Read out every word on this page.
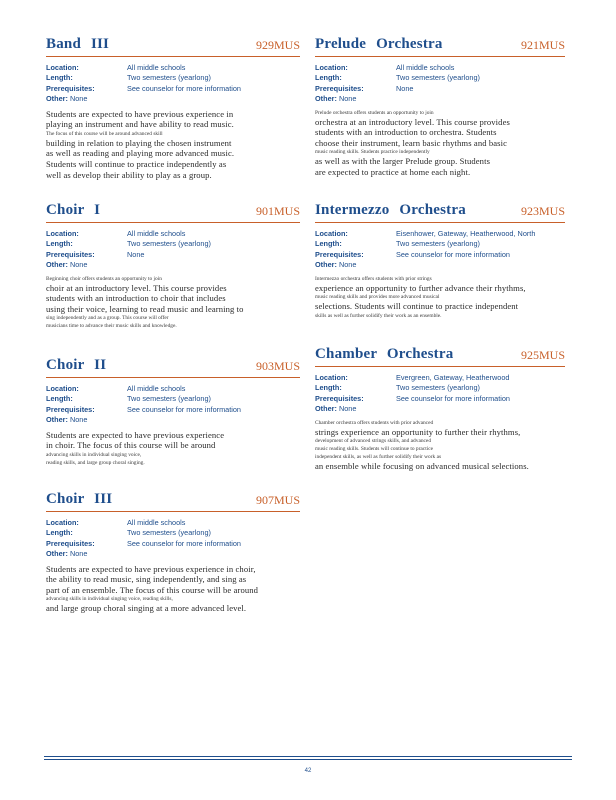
Band III	929MUS
Location:	All middle schools
Length:	Two semesters (yearlong)
Prerequisites:	See counselor for more information
Other:
None
Students are expected to have previous experience in
playing an instrument and have ability to read music.
The focus of this course will be around advanced skill
building in relation to playing the chosen instrument
as well as reading and playing more advanced music.
Students will continue to practice independently as
well as develop their ability to play as a group.
Choir I	901MUS
Location:	All middle schools
Length:	Two semesters (yearlong)
Prerequisites:	None
Other:
None
Beginning choir offers students an opportunity to join
choir at an introductory level. This course provides
students with an introduction to choir that includes
using their voice, learning to read music and learning to
sing independently and as a group. This course will offer
musicians time to advance their music skills and knowledge.
Choir II	903MUS
Location:	All middle schools
Length:	Two semesters (yearlong)
Prerequisites:	See counselor for more information
Other:
None
Students are expected to have previous experience
in choir. The focus of this course will be around
advancing skills in individual singing voice,
reading skills, and large group choral singing.
Choir III	907MUS
Location:	All middle schools
Length:	Two semesters (yearlong)
Prerequisites:	See counselor for more information
Other:
None
Students are expected to have previous experience in choir,
the ability to read music, sing independently, and sing as
part of an ensemble. The focus of this course will be around
advancing skills in individual singing voice, reading skills,
and large group choral singing at a more advanced level.
Prelude Orchestra	921MUS
Location:	All middle schools
Length:	Two semesters (yearlong)
Prerequisites:	None
Other:
None
Prelude orchestra offers students an opportunity to join
orchestra at an introductory level. This course provides
students with an introduction to orchestra. Students
choose their instrument, learn basic rhythms and basic
music reading skills. Students practice independently
as well as with the larger Prelude group. Students
are expected to practice at home each night.
Intermezzo Orchestra	923MUS
Location:	Eisenhower, Gateway, Heatherwood, North
Length:	Two semesters (yearlong)
Prerequisites:	See counselor for more information
Other:
None
Intermezzo orchestra offers students with prior strings
experience an opportunity to further advance their rhythms,
music reading skills and provides more advanced musical
selections. Students will continue to practice independent
skills as well as further solidify their work as an ensemble.
Chamber Orchestra	925MUS
Location:	Evergreen, Gateway, Heatherwood
Length:	Two semesters (yearlong)
Prerequisites:	See counselor for more information
Other:
None
Chamber orchestra offers students with prior advanced
strings experience an opportunity to further their rhythms,
development of advanced strings skills, and advanced
music reading skills. Students will continue to practice
independent skills, as well as further solidify their work as
an ensemble while focusing on advanced musical selections.
42
